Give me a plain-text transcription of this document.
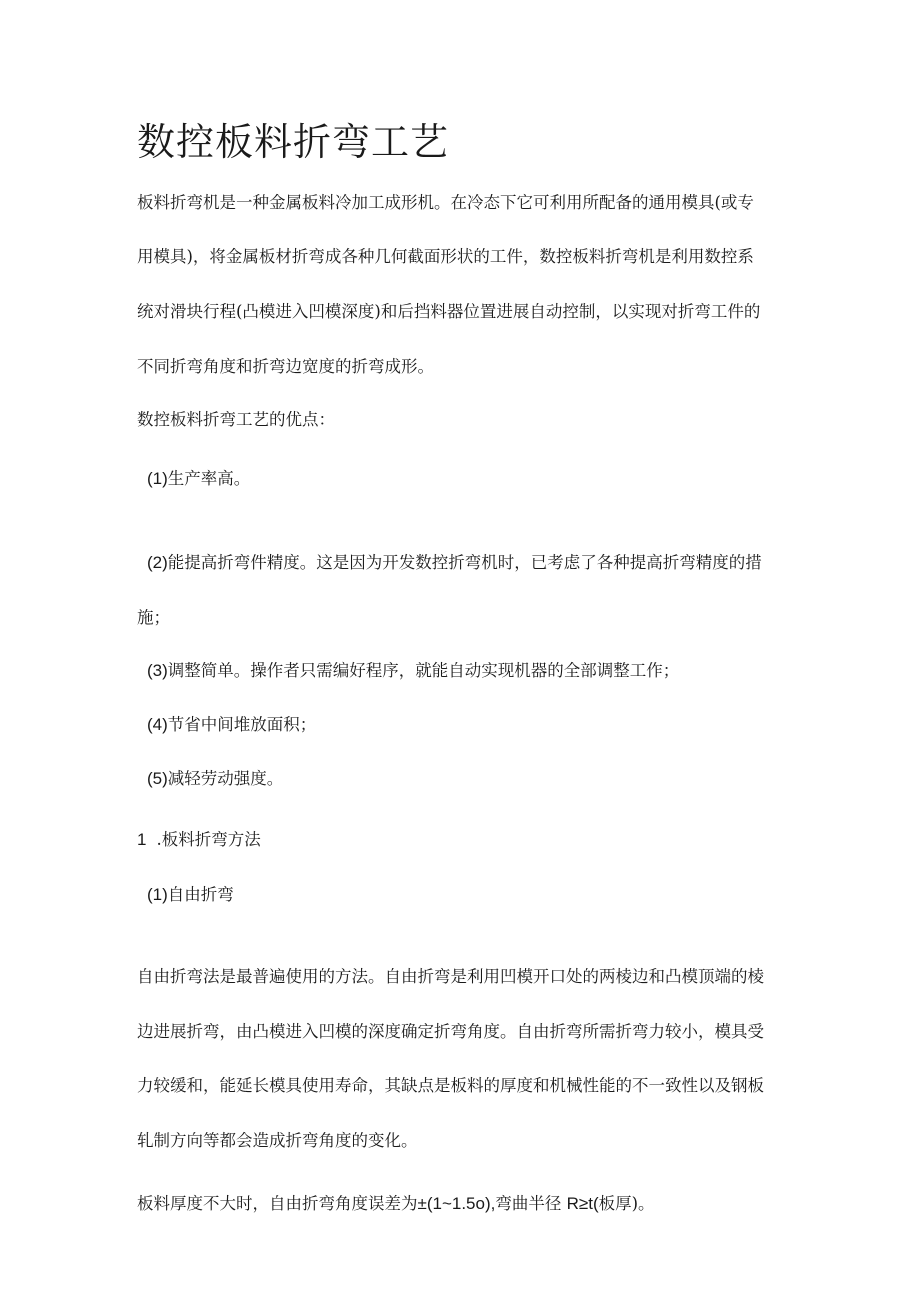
数控板料折弯工艺

板料折弯机是一种金属板料冷加工成形机。在冷态下它可利用所配备的通用模具(或专

用模具)，将金属板材折弯成各种几何截面形状的工件，数控板料折弯机是利用数控系

统对滑块行程(凸模进入凹模深度)和后挡料器位置进展自动控制，以实现对折弯工件的

不同折弯角度和折弯边宽度的折弯成形。

数控板料折弯工艺的优点：

(1)生产率高。

(2)能提高折弯件精度。这是因为开发数控折弯机时，已考虑了各种提高折弯精度的措

施；

(3)调整简单。操作者只需编好程序，就能自动实现机器的全部调整工作；

(4)节省中间堆放面积；

(5)减轻劳动强度。

1 .板料折弯方法

(1)自由折弯

自由折弯法是最普遍使用的方法。自由折弯是利用凹模开口处的两棱边和凸模顶端的棱

边进展折弯，由凸模进入凹模的深度确定折弯角度。自由折弯所需折弯力较小，模具受

力较缓和，能延长模具使用寿命，其缺点是板料的厚度和机械性能的不一致性以及钢板

轧制方向等都会造成折弯角度的变化。

板料厚度不大时，自由折弯角度误差为±(1~1.5o),弯曲半径 R≥t(板厚)。
